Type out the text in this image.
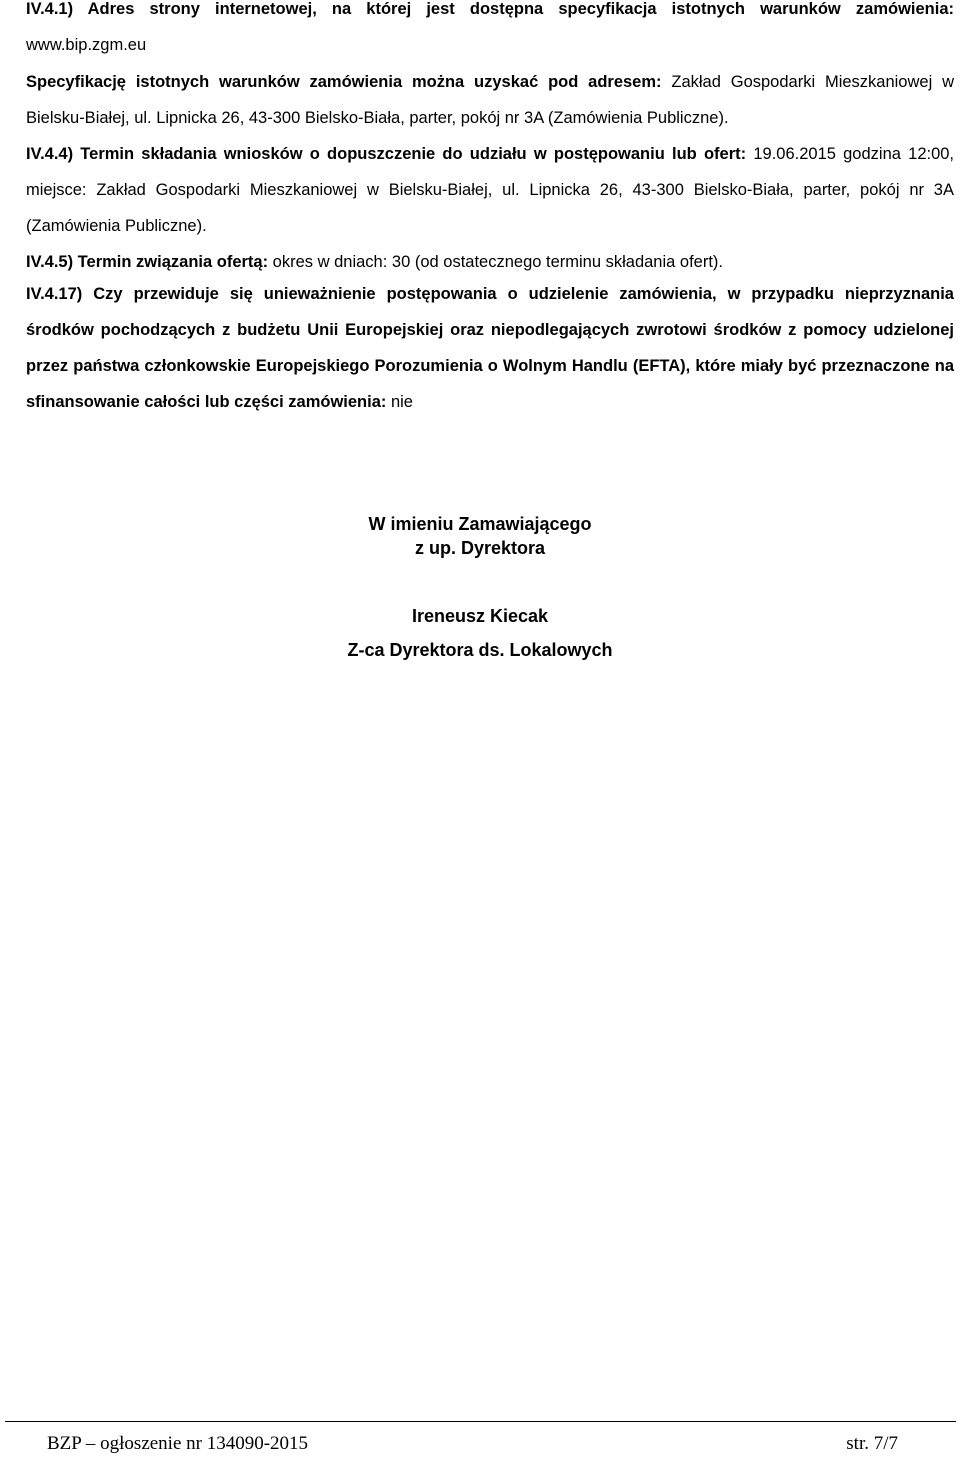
IV.4.1) Adres strony internetowej, na której jest dostępna specyfikacja istotnych warunków zamówienia: www.bip.zgm.eu

Specyfikację istotnych warunków zamówienia można uzyskać pod adresem: Zakład Gospodarki Mieszkaniowej w Bielsku-Białej, ul. Lipnicka 26, 43-300 Bielsko-Biała, parter, pokój nr 3A (Zamówienia Publiczne).

IV.4.4) Termin składania wniosków o dopuszczenie do udziału w postępowaniu lub ofert: 19.06.2015 godzina 12:00, miejsce: Zakład Gospodarki Mieszkaniowej w Bielsku-Białej, ul. Lipnicka 26, 43-300 Bielsko-Biała, parter, pokój nr 3A (Zamówienia Publiczne).

IV.4.5) Termin związania ofertą: okres w dniach: 30 (od ostatecznego terminu składania ofert).

IV.4.17) Czy przewiduje się unieważnienie postępowania o udzielenie zamówienia, w przypadku nieprzyznania środków pochodzących z budżetu Unii Europejskiej oraz niepodlegających zwrotowi środków z pomocy udzielonej przez państwa członkowskie Europejskiego Porozumienia o Wolnym Handlu (EFTA), które miały być przeznaczone na sfinansowanie całości lub części zamówienia: nie

W imieniu Zamawiającego
z up. Dyrektora
Ireneusz Kiecak
Z-ca Dyrektora ds. Lokalowych
BZP – ogłoszenie nr 134090-2015	str. 7/7
